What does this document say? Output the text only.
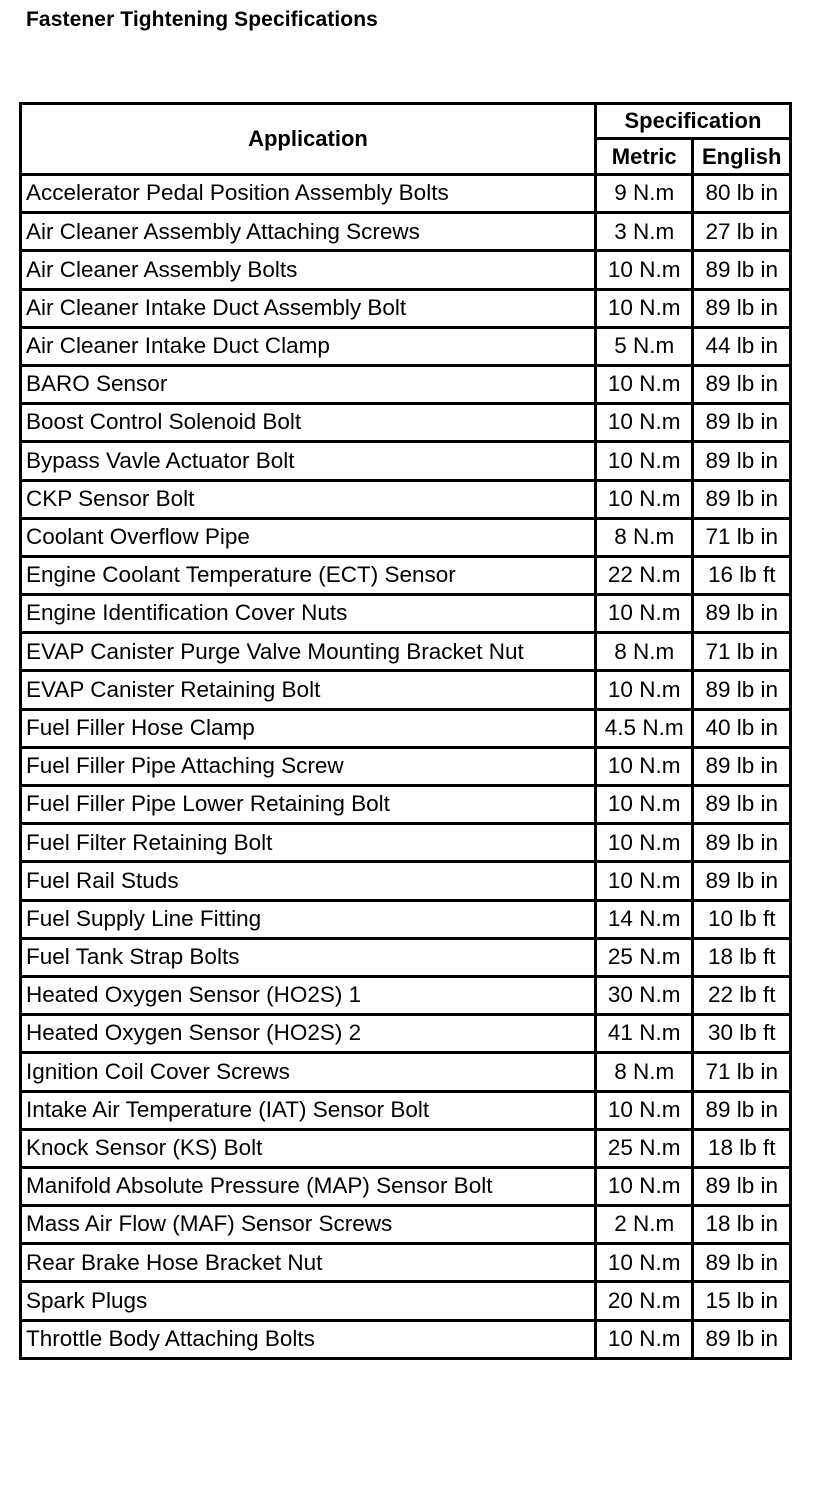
Fastener Tightening Specifications
Application	Specification	
	Metric	English
Accelerator Pedal Position Assembly Bolts	9 N.m	80 lb in
Air Cleaner Assembly Attaching Screws	3 N.m	27 lb in
Air Cleaner Assembly Bolts	10 N.m	89 lb in
Air Cleaner Intake Duct Assembly Bolt	10 N.m	89 lb in
Air Cleaner Intake Duct Clamp	5 N.m	44 lb in
BARO Sensor	10 N.m	89 lb in
Boost Control Solenoid Bolt	10 N.m	89 lb in
Bypass Vavle Actuator Bolt	10 N.m	89 lb in
CKP Sensor Bolt	10 N.m	89 lb in
Coolant Overflow Pipe	8 N.m	71 lb in
Engine Coolant Temperature (ECT) Sensor	22 N.m	16 lb ft
Engine Identification Cover Nuts	10 N.m	89 lb in
EVAP Canister Purge Valve Mounting Bracket Nut	8 N.m	71 lb in
EVAP Canister Retaining Bolt	10 N.m	89 lb in
Fuel Filler Hose Clamp	4.5 N.m	40 lb in
Fuel Filler Pipe Attaching Screw	10 N.m	89 lb in
Fuel Filler Pipe Lower Retaining Bolt	10 N.m	89 lb in
Fuel Filter Retaining Bolt	10 N.m	89 lb in
Fuel Rail Studs	10 N.m	89 lb in
Fuel Supply Line Fitting	14 N.m	10 lb ft
Fuel Tank Strap Bolts	25 N.m	18 lb ft
Heated Oxygen Sensor (HO2S) 1	30 N.m	22 lb ft
Heated Oxygen Sensor (HO2S) 2	41 N.m	30 lb ft
Ignition Coil Cover Screws	8 N.m	71 lb in
Intake Air Temperature (IAT) Sensor Bolt	10 N.m	89 lb in
Knock Sensor (KS) Bolt	25 N.m	18 lb ft
Manifold Absolute Pressure (MAP) Sensor Bolt	10 N.m	89 lb in
Mass Air Flow (MAF) Sensor Screws	2 N.m	18 lb in
Rear Brake Hose Bracket Nut	10 N.m	89 lb in
Spark Plugs	20 N.m	15 lb in
Throttle Body Attaching Bolts	10 N.m	89 lb in
